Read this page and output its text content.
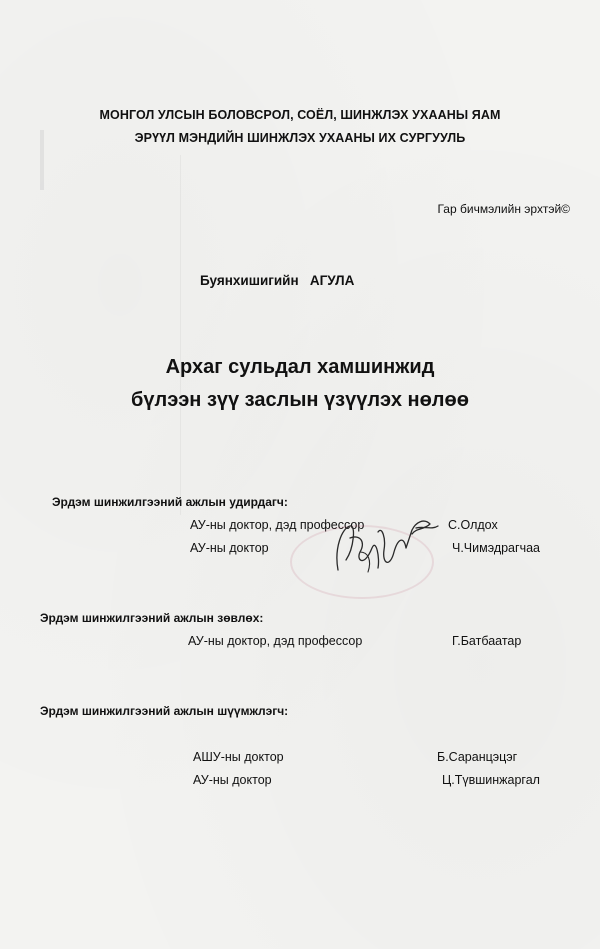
МОНГОЛ УЛСЫН БОЛОВСРОЛ, СОЁЛ, ШИНЖЛЭХ УХААНЫ ЯАМ
ЭРҮҮЛ МЭНДИЙН ШИНЖЛЭХ УХААНЫ ИХ СУРГУУЛЬ
Гар бичмэлийн эрхтэй©
Буянхишигийн АГУЛА
Архаг сульдал хамшинжид
бүлээн зүү заслын үзүүлэх нөлөө
Эрдэм шинжилгээний ажлын удирдагч:
АУ-ны доктор, дэд профессор	С.Олдох
АУ-ны доктор	Ч.Чимэдрагчаа
Эрдэм шинжилгээний ажлын зөвлөх:
АУ-ны доктор, дэд профессор	Г.Батбаатар
Эрдэм шинжилгээний ажлын шүүмжлэгч:
АШУ-ны доктор	Б.Саранцэцэг
АУ-ны доктор	Ц.Түвшинжаргал
